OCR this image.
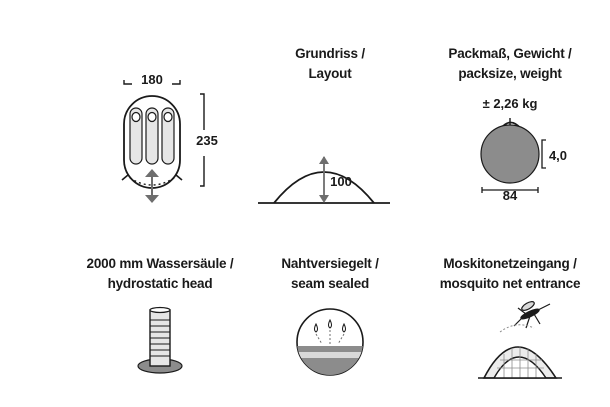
180
235
Grundriss /
Layout
100
Packmaß, Gewicht /
packsize, weight
± 2,26 kg
4,0
84
2000 mm Wassersäule /
hydrostatic head
Nahtversiegelt /
seam sealed
Moskitonetzeingang /
mosquito net entrance
